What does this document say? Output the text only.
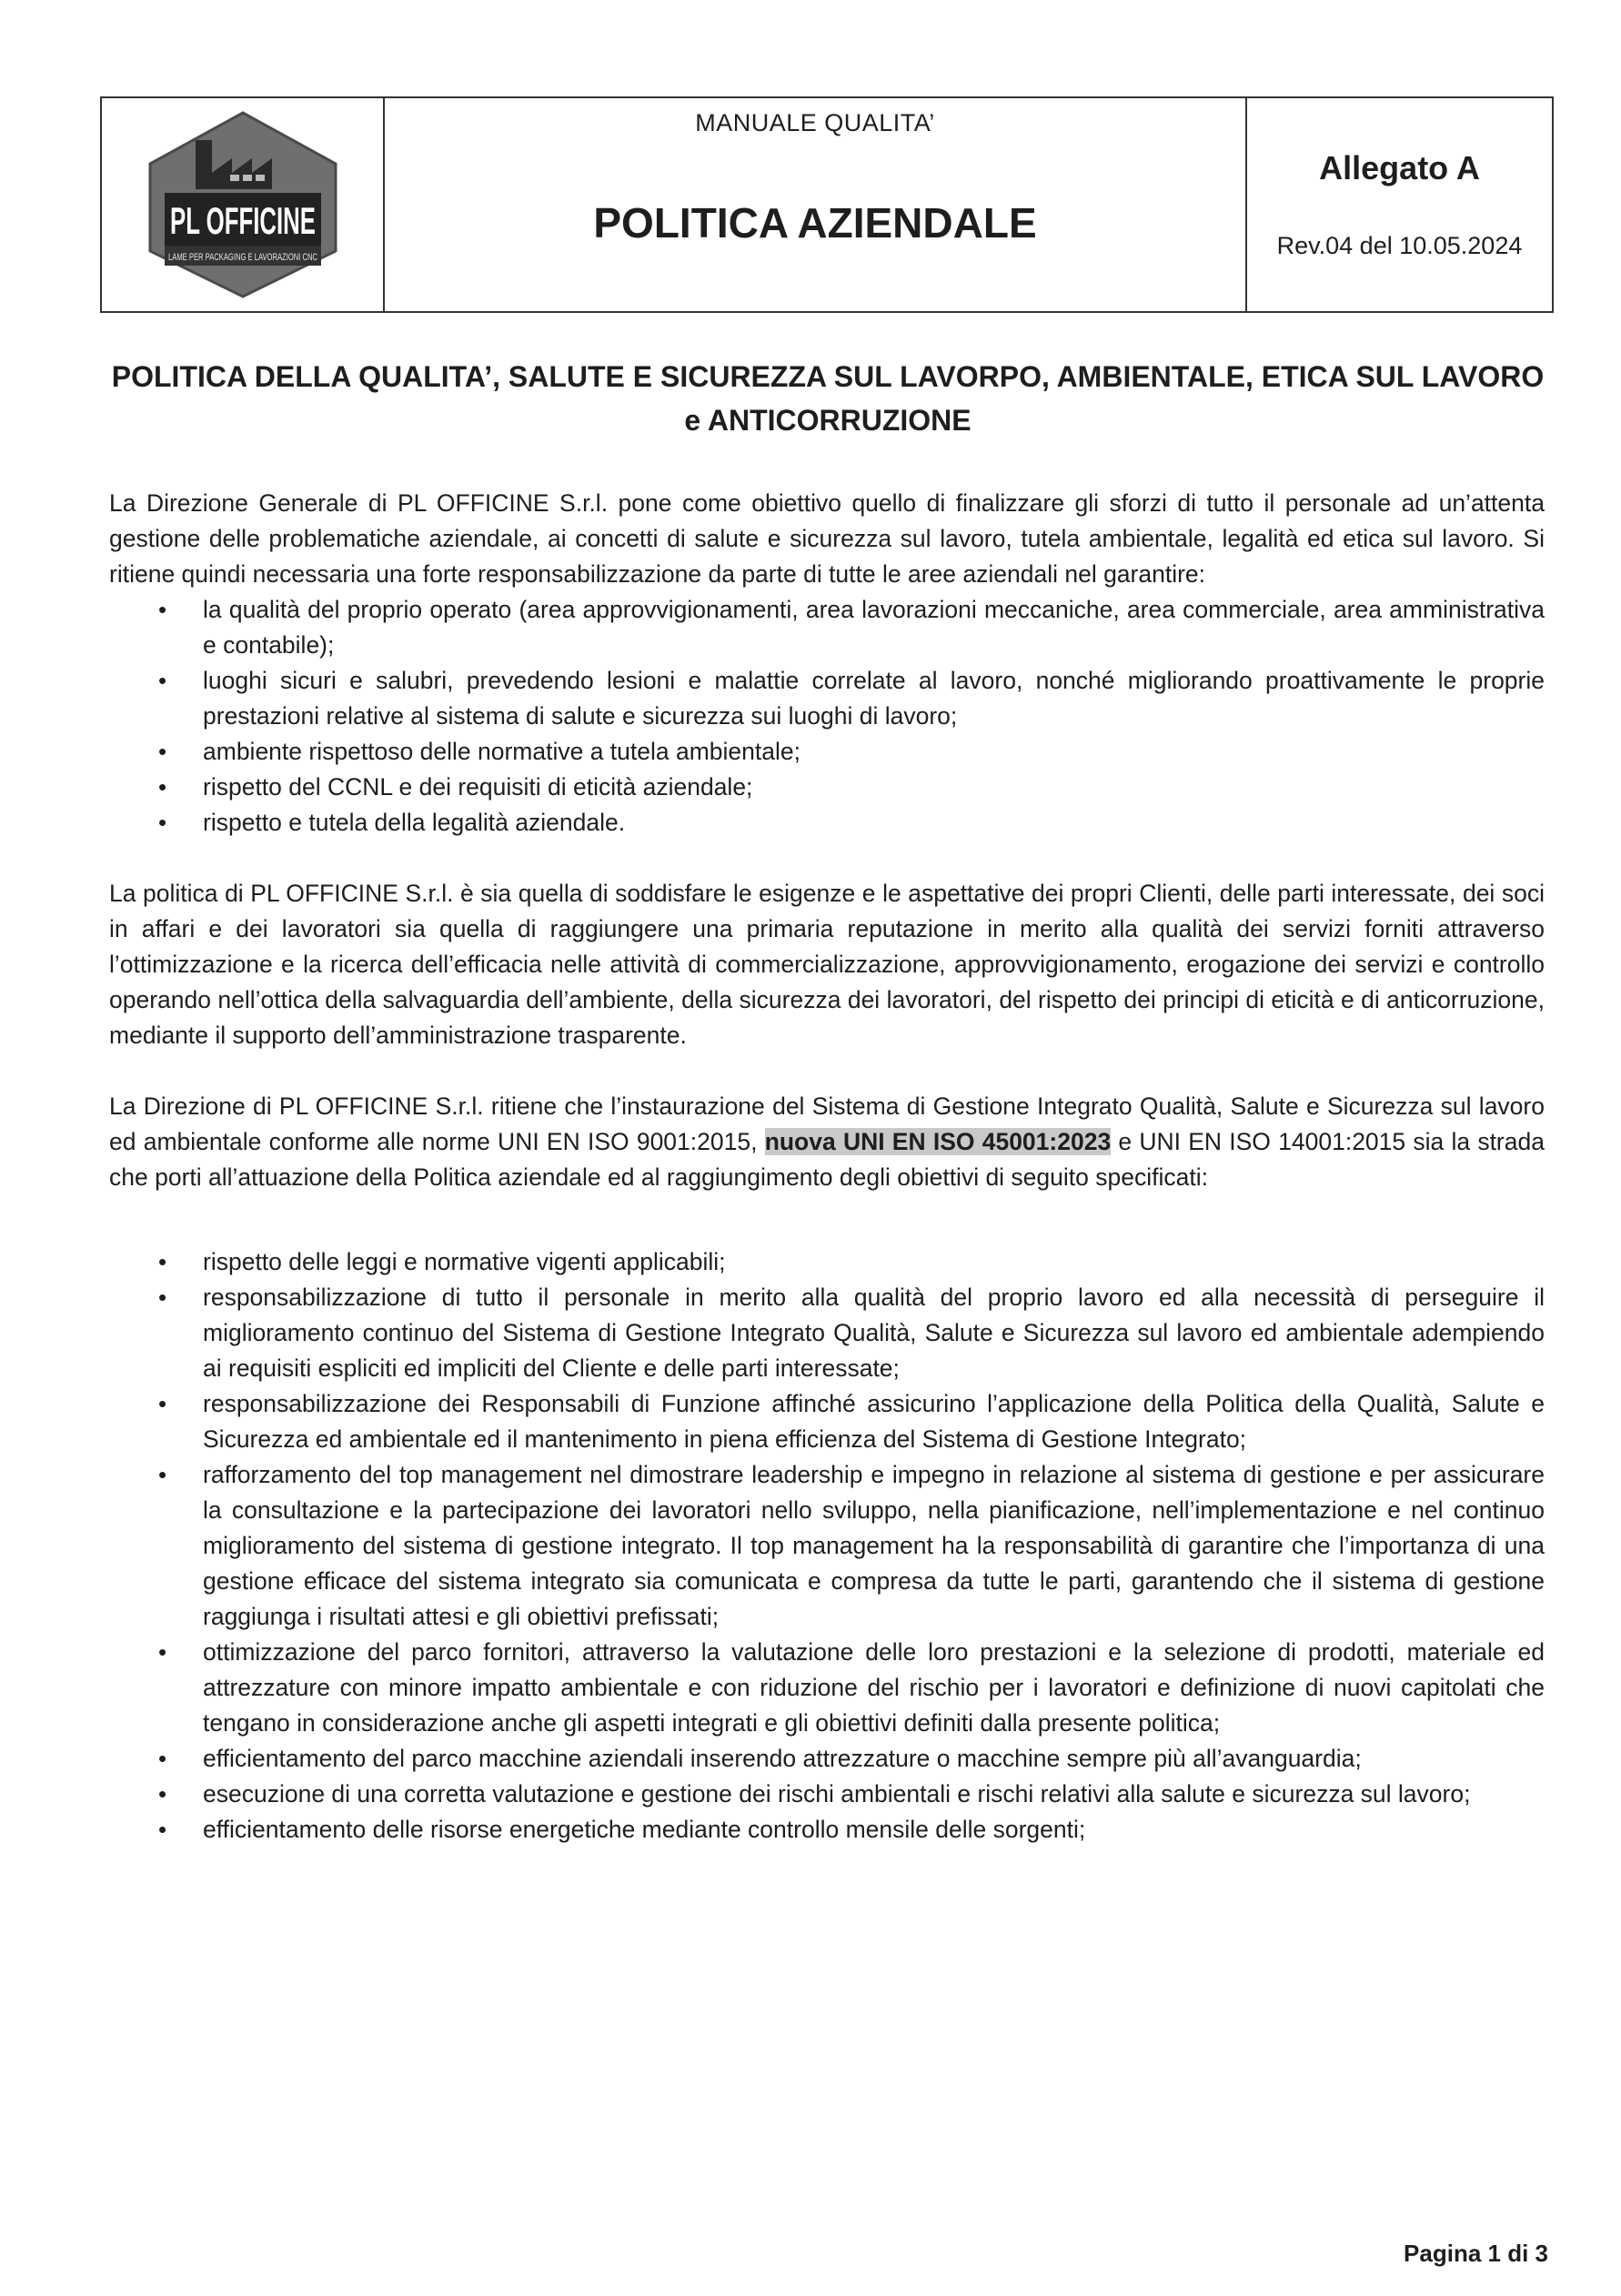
PL OFFICINE
LAME PER PACKAGING E LAVORAZIONI CNC
MANUALE QUALITA’
POLITICA AZIENDALE
Allegato A
Rev.04 del 10.05.2024
POLITICA DELLA QUALITA’, SALUTE E SICUREZZA SUL LAVORPO, AMBIENTALE, ETICA SUL LAVORO e ANTICORRUZIONE

La Direzione Generale di PL OFFICINE S.r.l. pone come obiettivo quello di finalizzare gli sforzi di tutto il personale ad un’attenta gestione delle problematiche aziendale, ai concetti di salute e sicurezza sul lavoro, tutela ambientale, legalità ed etica sul lavoro. Si ritiene quindi necessaria una forte responsabilizzazione da parte di tutte le aree aziendali nel garantire:

• la qualità del proprio operato (area approvvigionamenti, area lavorazioni meccaniche, area commerciale, area amministrativa e contabile);
• luoghi sicuri e salubri, prevedendo lesioni e malattie correlate al lavoro, nonché migliorando proattivamente le proprie prestazioni relative al sistema di salute e sicurezza sui luoghi di lavoro;
• ambiente rispettoso delle normative a tutela ambientale;
• rispetto del CCNL e dei requisiti di eticità aziendale;
• rispetto e tutela della legalità aziendale.

La politica di PL OFFICINE S.r.l. è sia quella di soddisfare le esigenze e le aspettative dei propri Clienti, delle parti interessate, dei soci in affari e dei lavoratori sia quella di raggiungere una primaria reputazione in merito alla qualità dei servizi forniti attraverso l’ottimizzazione e la ricerca dell’efficacia nelle attività di commercializzazione, approvvigionamento, erogazione dei servizi e controllo operando nell’ottica della salvaguardia dell’ambiente, della sicurezza dei lavoratori, del rispetto dei principi di eticità e di anticorruzione, mediante il supporto dell’amministrazione trasparente.

La Direzione di PL OFFICINE S.r.l. ritiene che l’instaurazione del Sistema di Gestione Integrato Qualità, Salute e Sicurezza sul lavoro ed ambientale conforme alle norme UNI EN ISO 9001:2015, nuova UNI EN ISO 45001:2023 e UNI EN ISO 14001:2015 sia la strada che porti all’attuazione della Politica aziendale ed al raggiungimento degli obiettivi di seguito specificati:

• rispetto delle leggi e normative vigenti applicabili;
• responsabilizzazione di tutto il personale in merito alla qualità del proprio lavoro ed alla necessità di perseguire il miglioramento continuo del Sistema di Gestione Integrato Qualità, Salute e Sicurezza sul lavoro ed ambientale adempiendo ai requisiti espliciti ed impliciti del Cliente e delle parti interessate;
• responsabilizzazione dei Responsabili di Funzione affinché assicurino l’applicazione della Politica della Qualità, Salute e Sicurezza ed ambientale ed il mantenimento in piena efficienza del Sistema di Gestione Integrato;
• rafforzamento del top management nel dimostrare leadership e impegno in relazione al sistema di gestione e per assicurare la consultazione e la partecipazione dei lavoratori nello sviluppo, nella pianificazione, nell’implementazione e nel continuo miglioramento del sistema di gestione integrato. Il top management ha la responsabilità di garantire che l’importanza di una gestione efficace del sistema integrato sia comunicata e compresa da tutte le parti, garantendo che il sistema di gestione raggiunga i risultati attesi e gli obiettivi prefissati;
• ottimizzazione del parco fornitori, attraverso la valutazione delle loro prestazioni e la selezione di prodotti, materiale ed attrezzature con minore impatto ambientale e con riduzione del rischio per i lavoratori e definizione di nuovi capitolati che tengano in considerazione anche gli aspetti integrati e gli obiettivi definiti dalla presente politica;
• efficientamento del parco macchine aziendali inserendo attrezzature o macchine sempre più all’avanguardia;
• esecuzione di una corretta valutazione e gestione dei rischi ambientali e rischi relativi alla salute e sicurezza sul lavoro;
• efficientamento delle risorse energetiche mediante controllo mensile delle sorgenti;
Pagina 1 di 3
